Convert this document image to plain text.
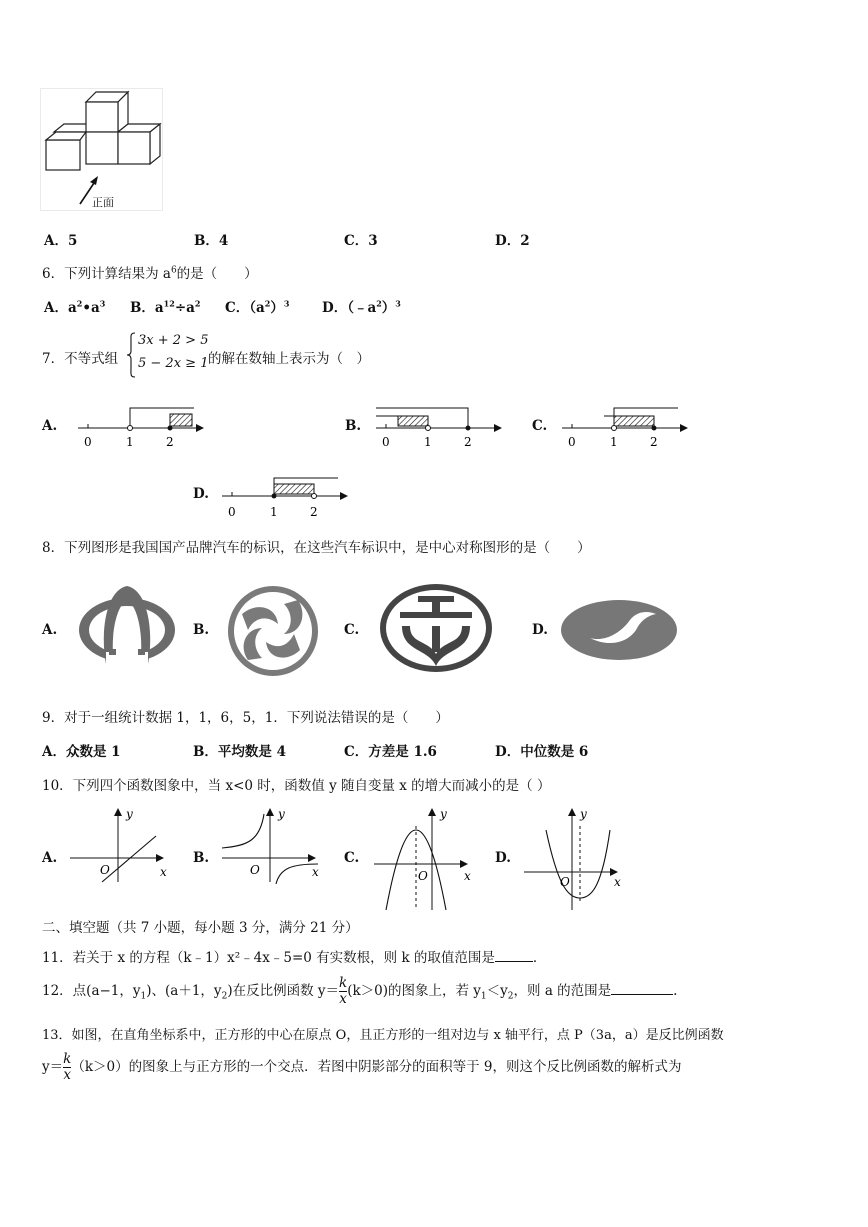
正面
A．5	B．4	C．3	D．2
6．下列计算结果为 $a^6$的是（　　）
A．$a^2•a^3$ B．$a^{12}\div a^2$ C．$(a^2)^3$ D．$(﹣a^2)^3$
7．不等式组
3x + 2 > 5
5 − 2x ≥ 1 的解在数轴上表示为（　）
A.	B.	C.
D.
0	1	2	0	1	2	0	1	2
0	1	2
8．下列图形是我国国产品牌汽车的标识，在这些汽车标识中，是中心对称图形的是（　　）
A.	B.	C.	D.
9．对于一组统计数据 1，1，6，5，1．下列说法错误的是（　　）
A．众数是 1	B．平均数是 4	C．方差是 1.6	D．中位数是 6
10．下列四个函数图象中，当 x<0 时，函数值 y 随自变量 x 的增大而减小的是（ ）
A.	B.	C.	D.
y
x
O
y
x
O
y
x
O
y
x
O
二、填空题（共 7 小题，每小题 3 分，满分 21 分）
11．若关于 x 的方程（k﹣1）x²﹣4x﹣5=0 有实数根，则 k 的取值范围是	．
12．点(a−1，$y_1$)、(a＋1，$y_2$)在反比例函数 $y= \frac{k}{x} (k>0)$的图象上，若 $y_1<y_2$，则 a 的范围是	.
13．如图，在直角坐标系中，正方形的中心在原点 O，且正方形的一组对边与 x 轴平行，点 P（3a，a）是反比例函数
$y= \frac{k}{x} (k>0)$的图象上与正方形的一个交点．若图中阴影部分的面积等于 9，则这个反比例函数的解析式为
